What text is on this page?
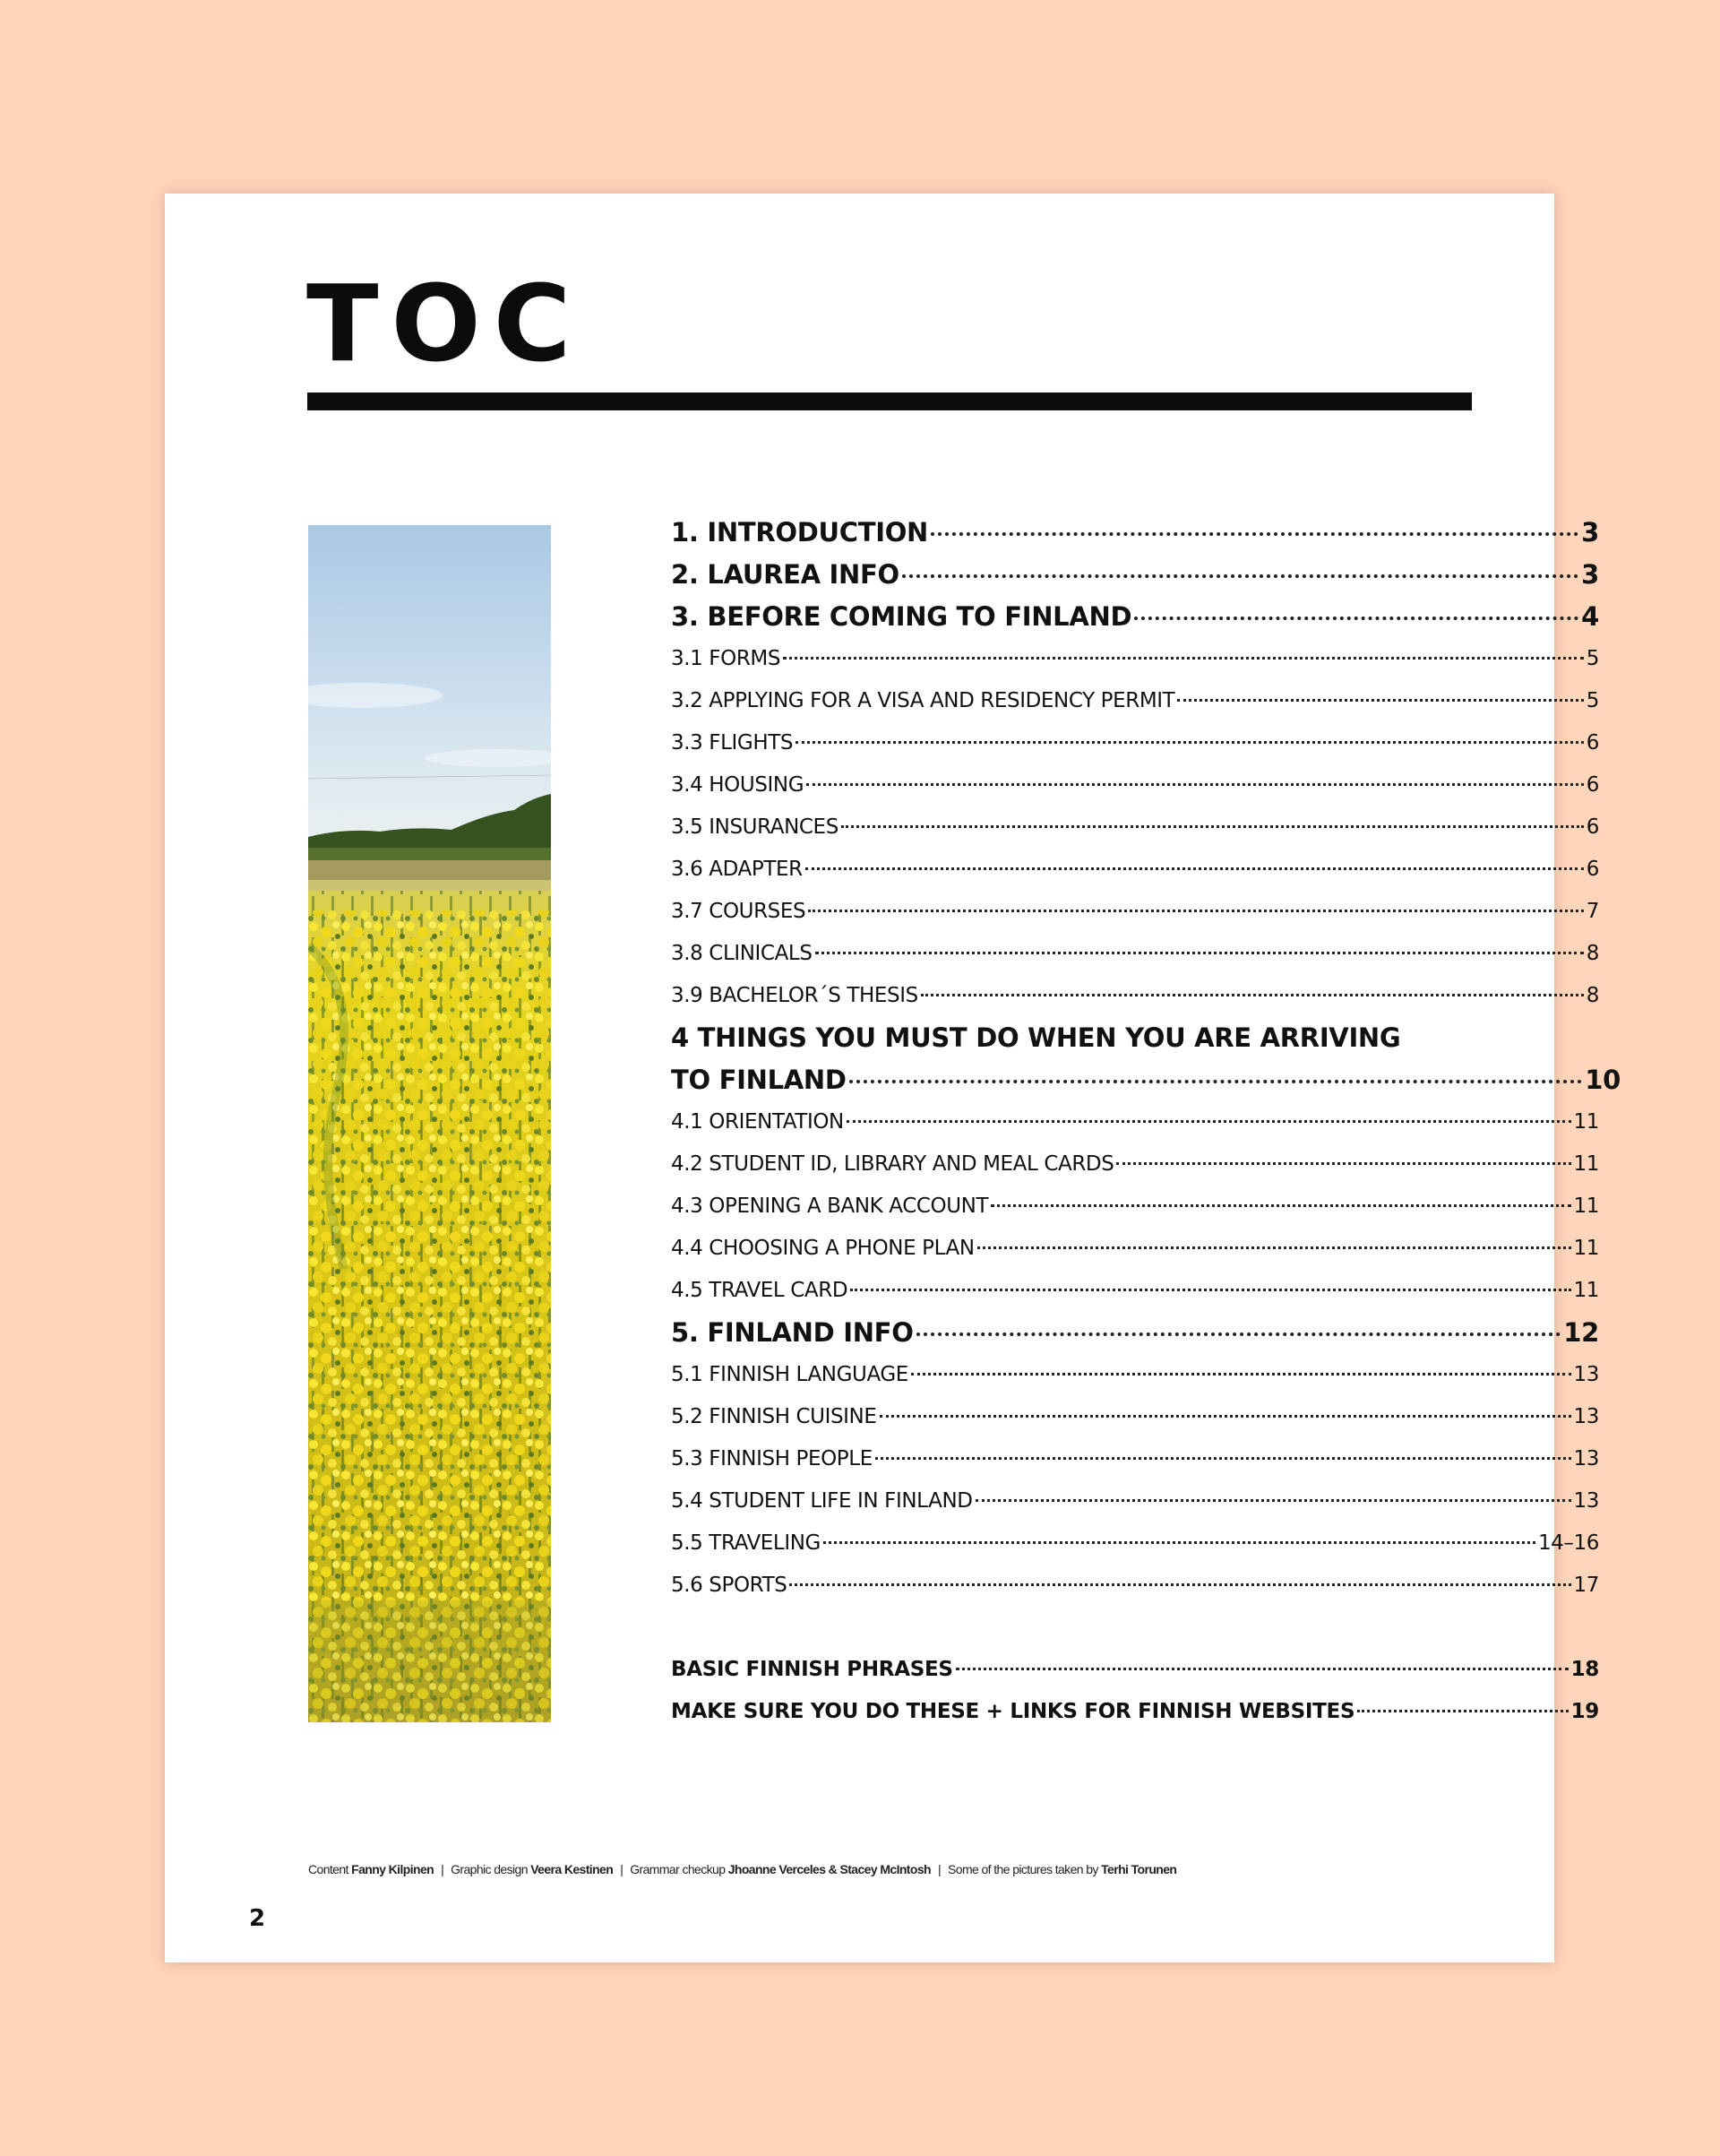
TOC
1. INTRODUCTION	3
2. LAUREA INFO	3
3. BEFORE COMING TO FINLAND	4
3.1 FORMS	5
3.2 APPLYING FOR A VISA AND RESIDENCY PERMIT	5
3.3 FLIGHTS	6
3.4 HOUSING	6
3.5 INSURANCES	6
3.6 ADAPTER	6
3.7 COURSES	7
3.8 CLINICALS	8
3.9 BACHELOR´S THESIS	8
4 THINGS YOU MUST DO WHEN YOU ARE ARRIVING
TO FINLAND	10
4.1 ORIENTATION	11
4.2 STUDENT ID, LIBRARY AND MEAL CARDS	11
4.3 OPENING A BANK ACCOUNT	11
4.4 CHOOSING A PHONE PLAN	11
4.5 TRAVEL CARD	11
5. FINLAND INFO	12
5.1 FINNISH LANGUAGE	13
5.2 FINNISH CUISINE	13
5.3 FINNISH PEOPLE	13
5.4 STUDENT LIFE IN FINLAND	13
5.5 TRAVELING	14–16
5.6 SPORTS	17
BASIC FINNISH PHRASES	18
MAKE SURE YOU DO THESE + LINKS FOR FINNISH WEBSITES	19
Content Fanny Kilpinen | Graphic design Veera Kestinen | Grammar checkup Jhoanne Verceles & Stacey McIntosh | Some of the pictures taken by Terhi Torunen
2
